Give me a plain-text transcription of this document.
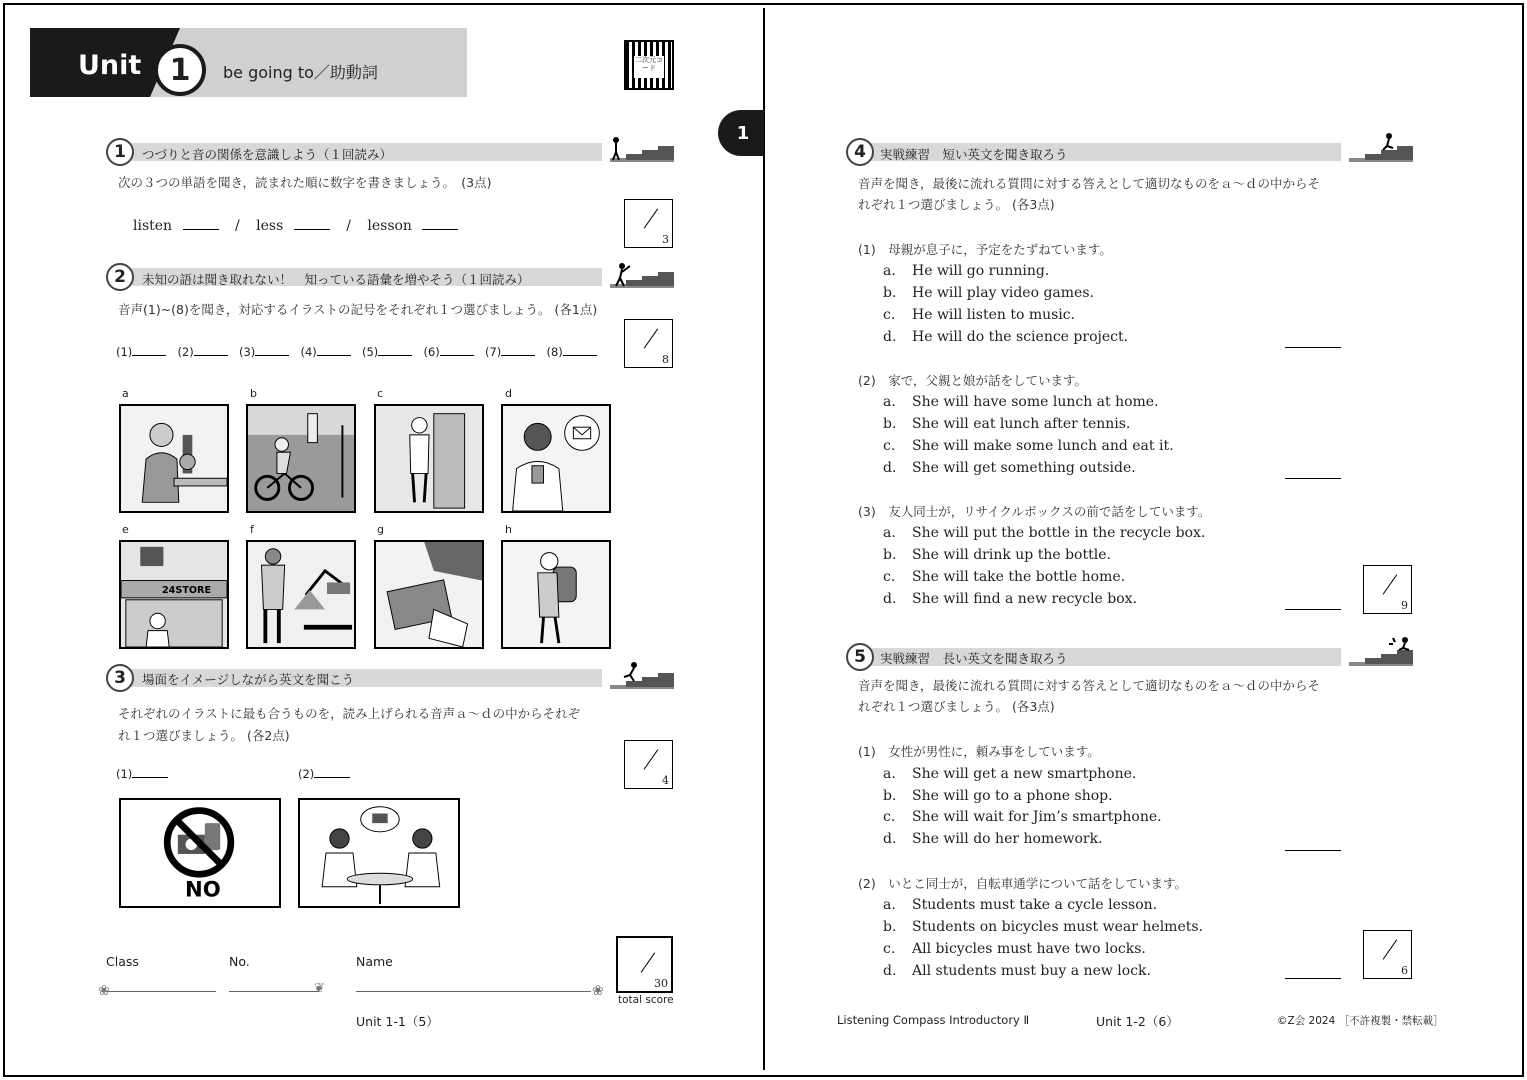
Unit 1	be going to／助動詞
二次元コード
1
1	つづりと音の関係を意識しよう（１回読み）
次の３つの単語を聞き，読まれた順に数字を書きましょう。　(3点)
listen	/ less	/ lesson
3
2	未知の語は聞き取れない！　知っている語彙を増やそう（１回読み）
音声(1)~(8)を聞き，対応するイラストの記号をそれぞれ１つ選びましょう。 (各1点)
(1)	(2)	(3)	(4)	(5)	(6)	(7)	(8)
8
a	b	c	d
e
24STORE
f	g	h
3	場面をイメージしながら英文を聞こう
それぞれのイラストに最も合うものを，読み上げられる音声ａ～ｄの中からそれぞ
れ１つ選びましょう。 (各2点)
(1)	(2)	4
NO
Class	No.	Name
❀	❦	❀	30
total score
Unit 1-1（5）
4	実戦練習　短い英文を聞き取ろう
音声を聞き，最後に流れる質問に対する答えとして適切なものをａ～ｄの中からそ
れぞれ１つ選びましょう。 (各3点)
(1)　母親が息子に，予定をたずねています。
a. He will go running.
b. He will play video games.
c. He will listen to music.
d. He will do the science project.
(2)　家で，父親と娘が話をしています。
a. She will have some lunch at home.
b. She will eat lunch after tennis.
c. She will make some lunch and eat it.
d. She will get something outside.
(3)　友人同士が，リサイクルボックスの前で話をしています。
a. She will put the bottle in the recycle box.
b. She will drink up the bottle.
c. She will take the bottle home.
d. She will find a new recycle box.	9
5	実戦練習　長い英文を聞き取ろう
音声を聞き，最後に流れる質問に対する答えとして適切なものをａ～ｄの中からそ
れぞれ１つ選びましょう。 (各3点)
(1)　女性が男性に，頼み事をしています。
a. She will get a new smartphone.
b. She will go to a phone shop.
c. She will wait for Jim’s smartphone.
d. She will do her homework.
(2)　いとこ同士が，自転車通学について話をしています。
a. Students must take a cycle lesson.
b. Students on bicycles must wear helmets.
c. All bicycles must have two locks.
d. All students must buy a new lock.	6
Listening Compass Introductory Ⅱ	Unit 1-2（6）	©Z会 2024 ［不許複製・禁転載］
